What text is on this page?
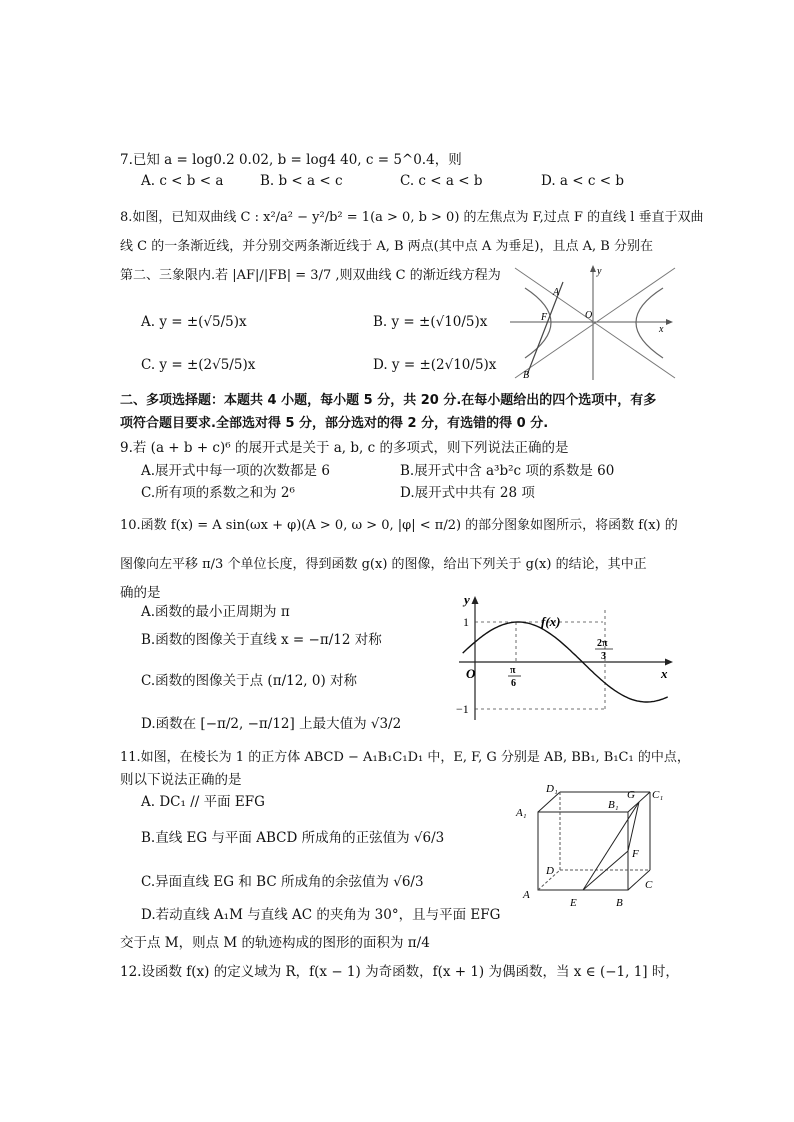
7.已知 a = log0.2 0.02, b = log4 40, c = 5^0.4，则
A. c < b < a	B. b < a < c	C. c < a < b	D. a < c < b
8.如图，已知双曲线 C : x²/a² − y²/b² = 1(a > 0, b > 0) 的左焦点为 F,过点 F 的直线 l 垂直于双曲
线 C 的一条渐近线，并分别交两条渐近线于 A, B 两点(其中点 A 为垂足)，且点 A, B 分别在
第二、三象限内.若 |AF|/|FB| = 3/7 ,则双曲线 C 的渐近线方程为
A. y = ±(√5/5)x	B. y = ±(√10/5)x
C. y = ±(2√5/5)x	D. y = ±(2√10/5)x
y
x
O
A
F
B
二、多项选择题：本题共 4 小题，每小题 5 分，共 20 分.在每小题给出的四个选项中，有多
项符合题目要求.全部选对得 5 分，部分选对的得 2 分，有选错的得 0 分.
9.若 (a + b + c)⁶ 的展开式是关于 a, b, c 的多项式，则下列说法正确的是
A.展开式中每一项的次数都是 6	B.展开式中含 a³b²c 项的系数是 60
C.所有项的系数之和为 2⁶	D.展开式中共有 28 项
10.函数 f(x) = A sin(ωx + φ)(A > 0, ω > 0, |φ| < π/2) 的部分图象如图所示，将函数 f(x) 的
图像向左平移 π/3 个单位长度，得到函数 g(x) 的图像，给出下列关于 g(x) 的结论，其中正
确的是
A.函数的最小正周期为 π
B.函数的图像关于直线 x = −π/12 对称
C.函数的图像关于点 (π/12, 0) 对称
D.函数在 [−π/2, −π/12] 上最大值为 √3/2
y
x
O
1
−1
f(x)
π
6
2π
3
11.如图，在棱长为 1 的正方体 ABCD − A₁B₁C₁D₁ 中，E, F, G 分别是 AB, BB₁, B₁C₁ 的中点，
则以下说法正确的是
A. DC₁ // 平面 EFG
B.直线 EG 与平面 ABCD 所成角的正弦值为 √6/3
C.异面直线 EG 和 BC 所成角的余弦值为 √6/3
D.若动直线 A₁M 与直线 AC 的夹角为 30°，且与平面 EFG
交于点 M，则点 M 的轨迹构成的图形的面积为 π/4
D₁
B₁
G C₁
A₁
F
D
C
A
E	B
12.设函数 f(x) 的定义域为 R，f(x − 1) 为奇函数，f(x + 1) 为偶函数，当 x ∈ (−1, 1] 时，
